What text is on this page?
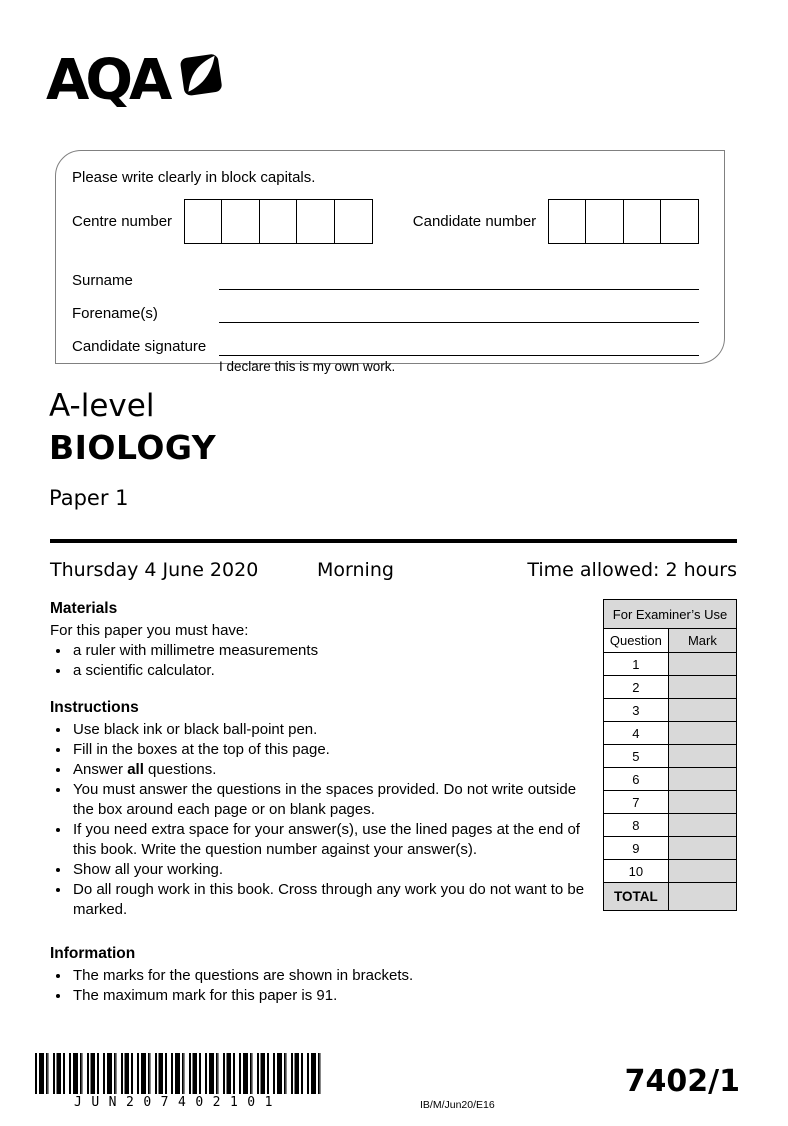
AQA
Please write clearly in block capitals.
Centre number	Candidate number
Surname
Forename(s)
Candidate signature
I declare this is my own work.
A-level
BIOLOGY
Paper 1
Thursday 4 June 2020	Morning	Time allowed: 2 hours
Materials
For this paper you must have:
• a ruler with millimetre measurements
• a scientific calculator.
Instructions
• Use black ink or black ball-point pen.
• Fill in the boxes at the top of this page.
• Answer all questions.
• You must answer the questions in the spaces provided. Do not write outside the box around each page or on blank pages.
• If you need extra space for your answer(s), use the lined pages at the end of this book. Write the question number against your answer(s).
• Show all your working.
• Do all rough work in this book. Cross through any work you do not want to be marked.
Information
• The marks for the questions are shown in brackets.
• The maximum mark for this paper is 91.
For Examiner’s Use	
Question	Mark
1	
2	
3	
4	
5	
6	
7	
8	
9	
10	
TOTAL	
JUN207402101	IB/M/Jun20/E16
7402/1
